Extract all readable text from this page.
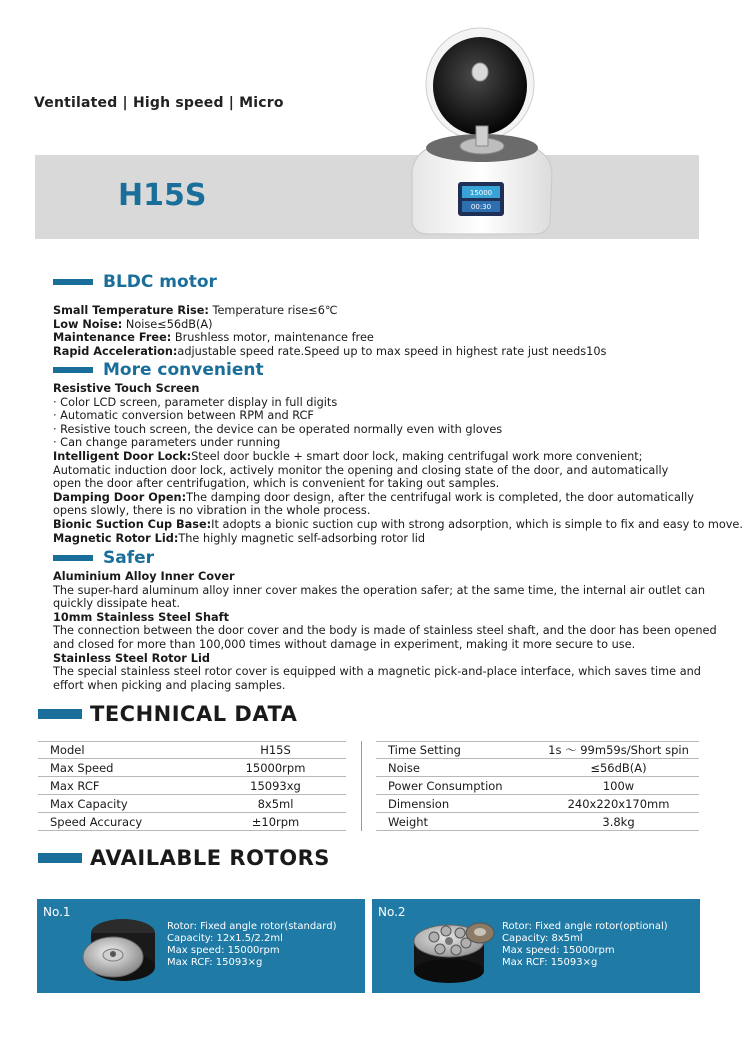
Ventilated | High speed | Micro
H15S	15000
00:30
BLDC motor
Small Temperature Rise: Temperature rise≤6℃
Low Noise: Noise≤56dB(A)
Maintenance Free: Brushless motor, maintenance free
Rapid Acceleration:adjustable speed rate.Speed up to max speed in highest rate just needs10s
More convenient
Resistive Touch Screen
· Color LCD screen, parameter display in full digits
· Automatic conversion between RPM and RCF
· Resistive touch screen, the device can be operated normally even with gloves
· Can change parameters under running
Intelligent Door Lock:Steel door buckle + smart door lock, making centrifugal work more convenient;
Automatic induction door lock, actively monitor the opening and closing state of the door, and automatically
open the door after centrifugation, which is convenient for taking out samples.
Damping Door Open:The damping door design, after the centrifugal work is completed, the door automatically
opens slowly, there is no vibration in the whole process.
Bionic Suction Cup Base:It adopts a bionic suction cup with strong adsorption, which is simple to fix and easy to move.
Magnetic Rotor Lid:The highly magnetic self-adsorbing rotor lid
Safer
Aluminium Alloy Inner Cover
The super-hard aluminum alloy inner cover makes the operation safer; at the same time, the internal air outlet can
quickly dissipate heat.
10mm Stainless Steel Shaft
The connection between the door cover and the body is made of stainless steel shaft, and the door has been opened
and closed for more than 100,000 times without damage in experiment, making it more secure to use.
Stainless Steel Rotor Lid
The special stainless steel rotor cover is equipped with a magnetic pick-and-place interface, which saves time and
effort when picking and placing samples.
TECHNICAL DATA
Model	H15S
Max Speed	15000rpm
Max RCF	15093xg
Max Capacity	8x5ml
Speed Accuracy	±10rpm
Time Setting	1s ～ 99m59s/Short spin
Noise	≤56dB(A)
Power Consumption	100w
Dimension	240x220x170mm
Weight	3.8kg
AVAILABLE ROTORS
No.1
Rotor: Fixed angle rotor(standard)
Capacity: 12x1.5/2.2ml
Max speed: 15000rpm
Max RCF: 15093×g
No.2
Rotor: Fixed angle rotor(optional)
Capacity: 8x5ml
Max speed: 15000rpm
Max RCF: 15093×g
